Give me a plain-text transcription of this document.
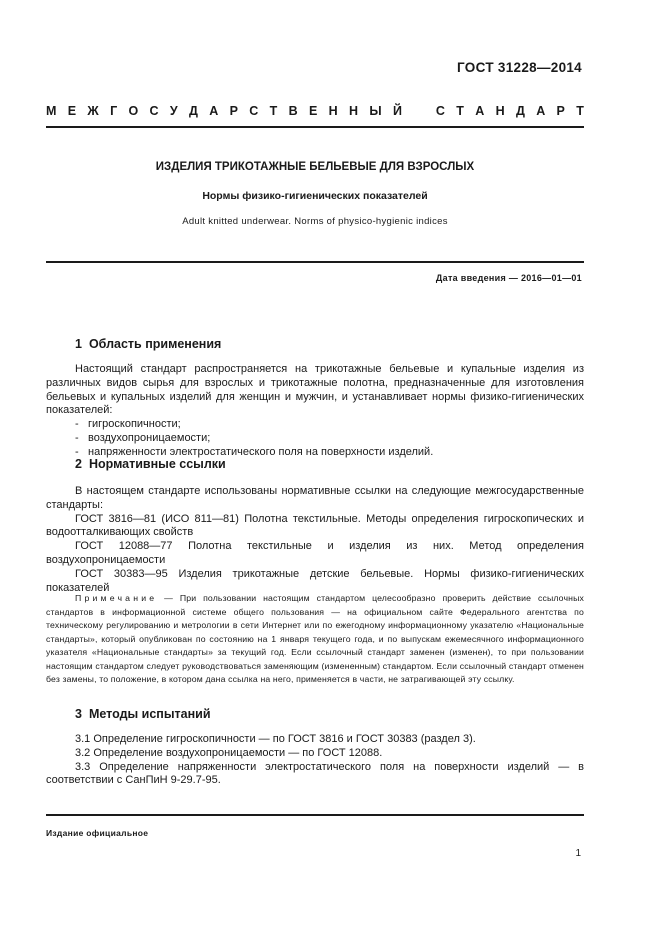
ГОСТ 31228—2014
М Е Ж Г О С У Д А Р С Т В Е Н Н Ы Й	С Т А Н Д А Р Т
ИЗДЕЛИЯ ТРИКОТАЖНЫЕ БЕЛЬЕВЫЕ ДЛЯ ВЗРОСЛЫХ
Нормы физико-гигиенических показателей
Adult knitted underwear. Norms of physico-hygienic indices
Дата введения — 2016—01—01
1 Область применения
Настоящий стандарт распространяется на трикотажные бельевые и купальные изделия из различных видов сырья для взрослых и трикотажные полотна, предназначенные для изготовления бельевых и купальных изделий для женщин и мужчин, и устанавливает нормы физико-гигиенических показателей:
- гигроскопичности;
- воздухопроницаемости;
- напряженности электростатического поля на поверхности изделий.
2 Нормативные ссылки
В настоящем стандарте использованы нормативные ссылки на следующие межгосударственные стандарты:
ГОСТ 3816—81 (ИСО 811—81) Полотна текстильные. Методы определения гигроскопических и водоотталкивающих свойств
ГОСТ 12088—77 Полотна текстильные и изделия из них. Метод определения воздухопроницаемости
ГОСТ 30383—95 Изделия трикотажные детские бельевые. Нормы физико-гигиенических показателей
Примечание — При пользовании настоящим стандартом целесообразно проверить действие ссылочных стандартов в информационной системе общего пользования — на официальном сайте Федерального агентства по техническому регулированию и метрологии в сети Интернет или по ежегодному информационному указателю «Национальные стандарты», который опубликован по состоянию на 1 января текущего года, и по выпускам ежемесячного информационного указателя «Национальные стандарты» за текущий год. Если ссылочный стандарт заменен (изменен), то при пользовании настоящим стандартом следует руководствоваться заменяющим (измененным) стандартом. Если ссылочный стандарт отменен без замены, то положение, в котором дана ссылка на него, применяется в части, не затрагивающей эту ссылку.
3 Методы испытаний
3.1 Определение гигроскопичности — по ГОСТ 3816 и ГОСТ 30383 (раздел 3).
3.2 Определение воздухопроницаемости — по ГОСТ 12088.
3.3 Определение напряженности электростатического поля на поверхности изделий — в соответствии с СанПиН 9-29.7-95.
Издание официальное
1
